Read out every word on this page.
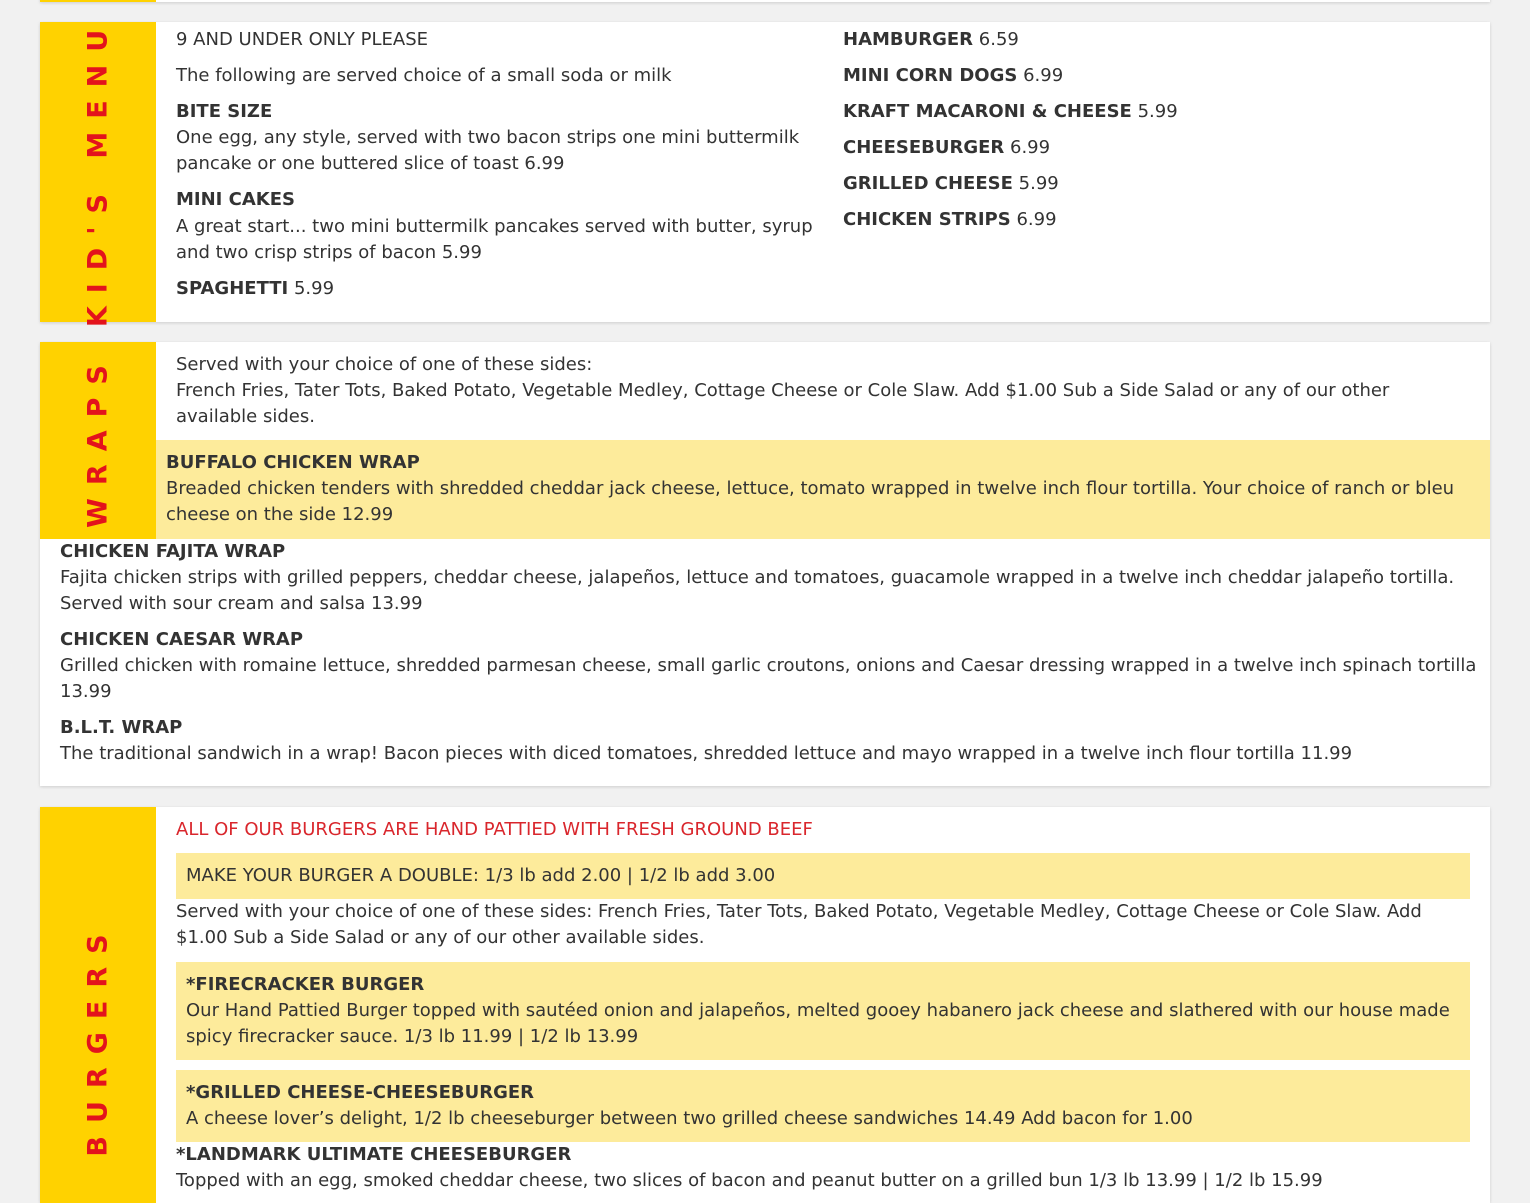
KID'S MENU	9 AND UNDER ONLY PLEASE

The following are served choice of a small soda or milk

BITE SIZE

One egg, any style, served with two bacon strips one mini buttermilk pancake or one buttered slice of toast 6.99

MINI CAKES

A great start... two mini buttermilk pancakes served with butter, syrup and two crisp strips of bacon 5.99

SPAGHETTI 5.99

HAMBURGER 6.59

MINI CORN DOGS 6.99

KRAFT MACARONI & CHEESE 5.99

CHEESEBURGER 6.99

GRILLED CHEESE 5.99

CHICKEN STRIPS 6.99

WRAPS	Served with your choice of one of these sides:

French Fries, Tater Tots, Baked Potato, Vegetable Medley, Cottage Cheese or Cole Slaw. Add $1.00 Sub a Side Salad or any of our other available sides.

BUFFALO CHICKEN WRAP

Breaded chicken tenders with shredded cheddar jack cheese, lettuce, tomato wrapped in twelve inch flour tortilla. Your choice of ranch or bleu cheese on the side 12.99

CHICKEN FAJITA WRAP

Fajita chicken strips with grilled peppers, cheddar cheese, jalapeños, lettuce and tomatoes, guacamole wrapped in a twelve inch cheddar jalapeño tortilla. Served with sour cream and salsa 13.99

CHICKEN CAESAR WRAP

Grilled chicken with romaine lettuce, shredded parmesan cheese, small garlic croutons, onions and Caesar dressing wrapped in a twelve inch spinach tortilla 13.99

B.L.T. WRAP

The traditional sandwich in a wrap! Bacon pieces with diced tomatoes, shredded lettuce and mayo wrapped in a twelve inch flour tortilla 11.99

BURGERS

ALL OF OUR BURGERS ARE HAND PATTIED WITH FRESH GROUND BEEF

MAKE YOUR BURGER A DOUBLE: 1/3 lb add 2.00 | 1/2 lb add 3.00

Served with your choice of one of these sides: French Fries, Tater Tots, Baked Potato, Vegetable Medley, Cottage Cheese or Cole Slaw. Add $1.00 Sub a Side Salad or any of our other available sides.

*FIRECRACKER BURGER

Our Hand Pattied Burger topped with sautéed onion and jalapeños, melted gooey habanero jack cheese and slathered with our house made spicy firecracker sauce. 1/3 lb 11.99 | 1/2 lb 13.99

*GRILLED CHEESE-CHEESEBURGER

A cheese lover’s delight, 1/2 lb cheeseburger between two grilled cheese sandwiches 14.49 Add bacon for 1.00

*LANDMARK ULTIMATE CHEESEBURGER

Topped with an egg, smoked cheddar cheese, two slices of bacon and peanut butter on a grilled bun 1/3 lb 13.99 | 1/2 lb 15.99
